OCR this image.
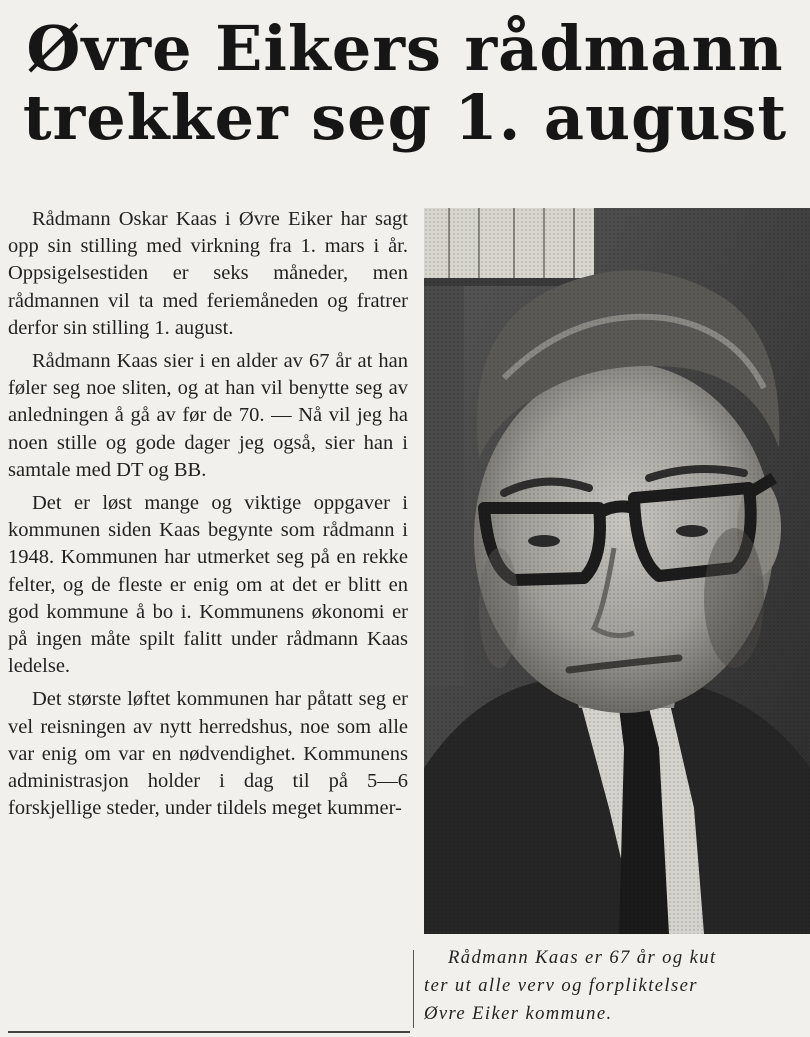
Øvre Eikers rådmann
trekker seg 1. august

Rådmann Oskar Kaas i Øvre Eiker har sagt opp sin stilling med virkning fra 1. mars i år. Oppsigelsestiden er seks måneder, men rådmannen vil ta med feriemåneden og fratrer derfor sin stilling 1. august.

Rådmann Kaas sier i en alder av 67 år at han føler seg noe sliten, og at han vil benytte seg av anledningen å gå av før de 70. — Nå vil jeg ha noen stille og gode dager jeg også, sier han i samtale med DT og BB.

Det er løst mange og viktige oppgaver i kommunen siden Kaas begynte som rådmann i 1948. Kommunen har utmerket seg på en rekke felter, og de fleste er enig om at det er blitt en god kommune å bo i. Kommunens økonomi er på ingen måte spilt falitt under rådmann Kaas ledelse.

Det største løftet kommunen har påtatt seg er vel reisningen av nytt herredshus, noe som alle var enig om var en nødvendighet. Kommunens administrasjon holder i dag til på 5—6 forskjellige steder, under tildels meget kummer-

Rådmann Kaas er 67 år og kut
ter ut alle verv og forpliktelser
Øvre Eiker kommune.
